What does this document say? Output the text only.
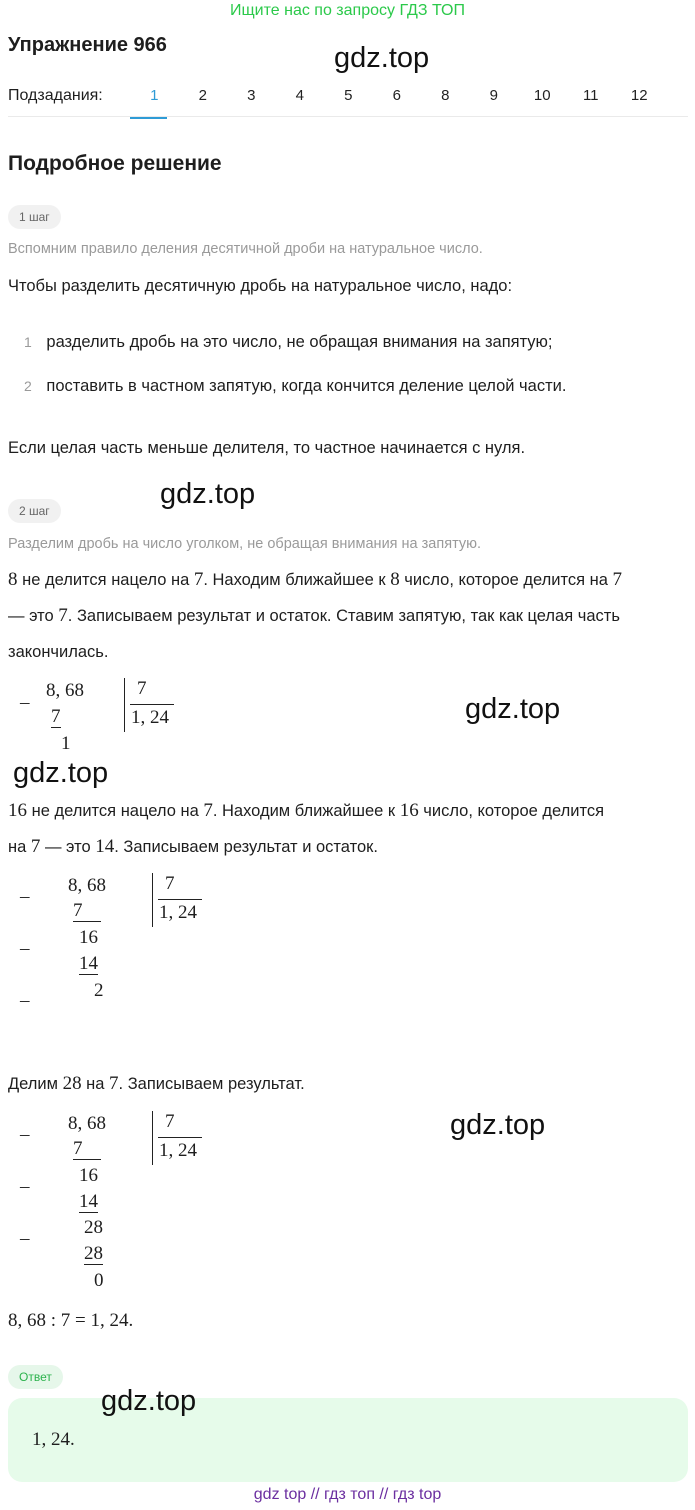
Ищите нас по запросу ГДЗ ТОП
Упражнение 966	gdz.top
Подзадания:	1	2	3	4	5	6	8	9	10	11	12
Подробное решение
1 шаг
Вспомним правило деления десятичной дроби на натуральное число.
Чтобы разделить десятичную дробь на натуральное число, надо:
1 разделить дробь на это число, не обращая внимания на запятую;
2 поставить в частном запятую, когда кончится деление целой части.
Если целая часть меньше делителя, то частное начинается с нуля.
2 шаг
gdz.top
Разделим дробь на число уголком, не обращая внимания на запятую.
8 не делится нацело на 7. Находим ближайшее к 8 число, которое делится на 7
— это 7. Записываем результат и остаток. Ставим запятую, так как целая часть
закончилась.
–
8, 68
7
1
7
1, 24	gdz.top
gdz.top
16 не делится нацело на 7. Находим ближайшее к 16 число, которое делится
на 7 — это 14. Записываем результат и остаток.
–
–
–
8, 68
7
16
14
2
7
1, 24
Делим 28 на 7. Записываем результат.
–
–
–
8, 68
7
16
14
28
28
0
7
1, 24
gdz.top
8, 68 : 7 = 1, 24.
Ответ
1, 24.
gdz.top
gdz top // гдз топ // гдз top
